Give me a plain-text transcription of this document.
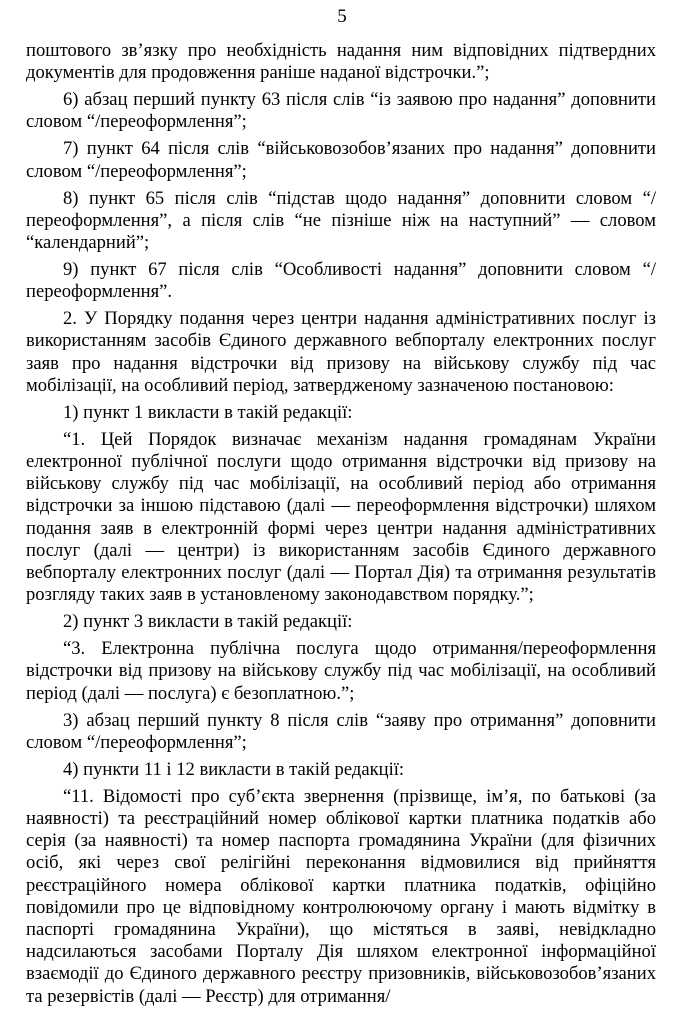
5

поштового зв’язку про необхідність надання ним відповідних підтвердних документів для продовження раніше наданої відстрочки.”;

6) абзац перший пункту 63 після слів “із заявою про надання” доповнити словом “/переоформлення”;

7) пункт 64 після слів “військовозобов’язаних про надання” доповнити словом “/переоформлення”;

8) пункт 65 після слів “підстав щодо надання” доповнити словом “/переоформлення”, а після слів “не пізніше ніж на наступний” — словом “календарний”;

9) пункт 67 після слів “Особливості надання” доповнити словом “/переоформлення”.

2. У Порядку подання через центри надання адміністративних послуг із використанням засобів Єдиного державного вебпорталу електронних послуг заяв про надання відстрочки від призову на військову службу під час мобілізації, на особливий період, затвердженому зазначеною постановою:

1) пункт 1 викласти в такій редакції:

“1. Цей Порядок визначає механізм надання громадянам України електронної публічної послуги щодо отримання відстрочки від призову на військову службу під час мобілізації, на особливий період або отримання відстрочки за іншою підставою (далі — переоформлення відстрочки) шляхом подання заяв в електронній формі через центри надання адміністративних послуг (далі — центри) із використанням засобів Єдиного державного вебпорталу електронних послуг (далі — Портал Дія) та отримання результатів розгляду таких заяв в установленому законодавством порядку.”;

2) пункт 3 викласти в такій редакції:

“3. Електронна публічна послуга щодо отримання/переоформлення відстрочки від призову на військову службу під час мобілізації, на особливий період (далі — послуга) є безоплатною.”;

3) абзац перший пункту 8 після слів “заяву про отримання” доповнити словом “/переоформлення”;

4) пункти 11 і 12 викласти в такій редакції:

“11. Відомості про суб’єкта звернення (прізвище, ім’я, по батькові (за наявності) та реєстраційний номер облікової картки платника податків або серія (за наявності) та номер паспорта громадянина України (для фізичних осіб, які через свої релігійні переконання відмовилися від прийняття реєстраційного номера облікової картки платника податків, офіційно повідомили про це відповідному контролюючому органу і мають відмітку в паспорті громадянина України), що містяться в заяві, невідкладно надсилаються засобами Порталу Дія шляхом електронної інформаційної взаємодії до Єдиного державного реєстру призовників, військовозобов’язаних та резервістів (далі — Реєстр) для отримання/
